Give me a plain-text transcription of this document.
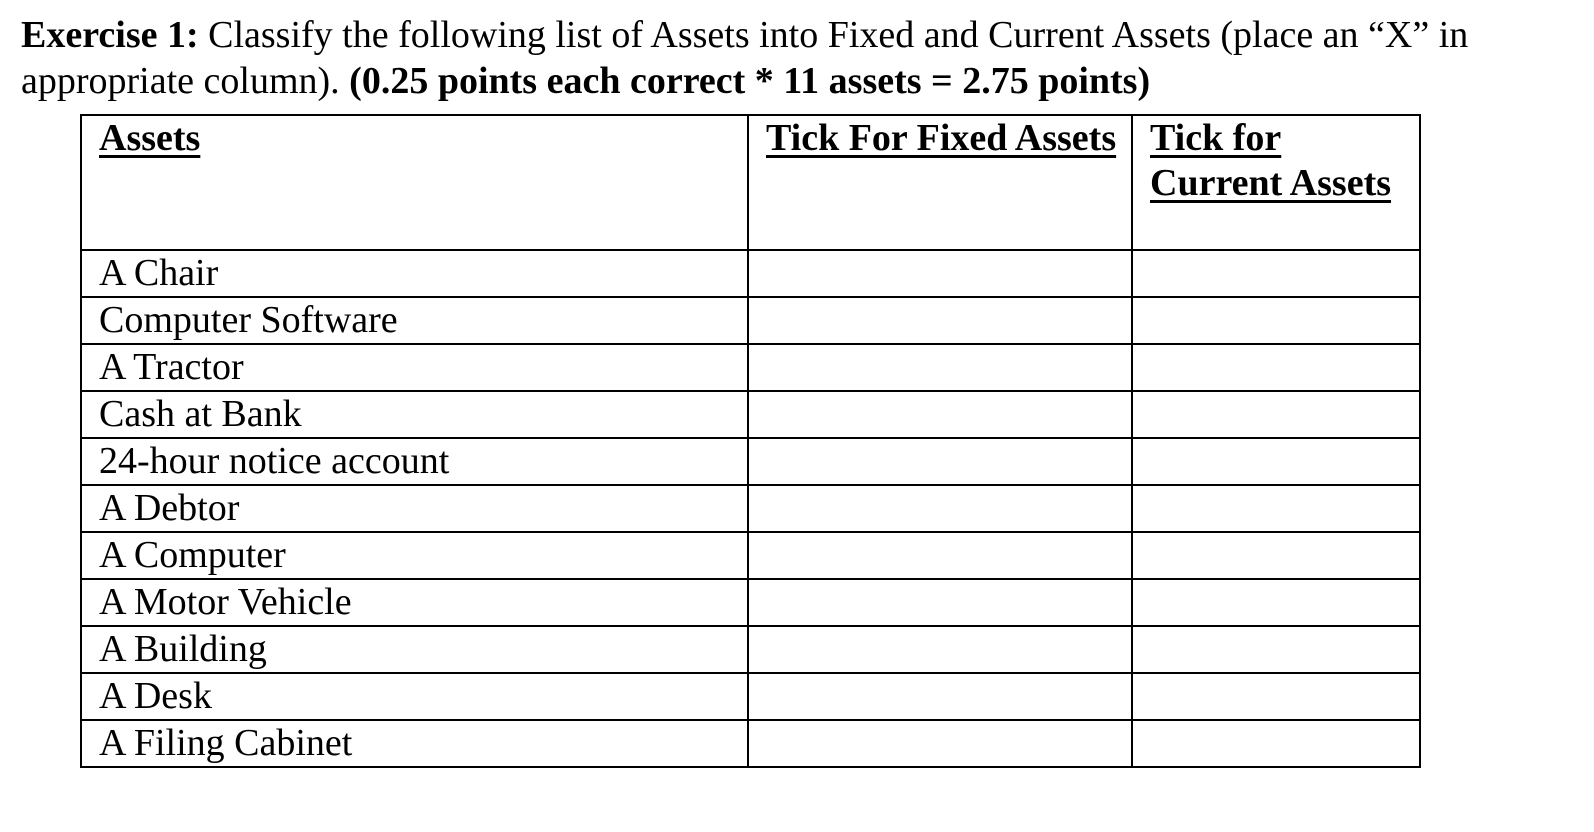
Exercise 1: Classify the following list of Assets into Fixed and Current Assets (place an “X” in appropriate column). (0.25 points each correct * 11 assets = 2.75 points)

Assets	Tick For Fixed Assets	Tick for Current Assets
A Chair		
Computer Software		
A Tractor		
Cash at Bank		
24-hour notice account		
A Debtor		
A Computer		
A Motor Vehicle		
A Building		
A Desk		
A Filing Cabinet		
